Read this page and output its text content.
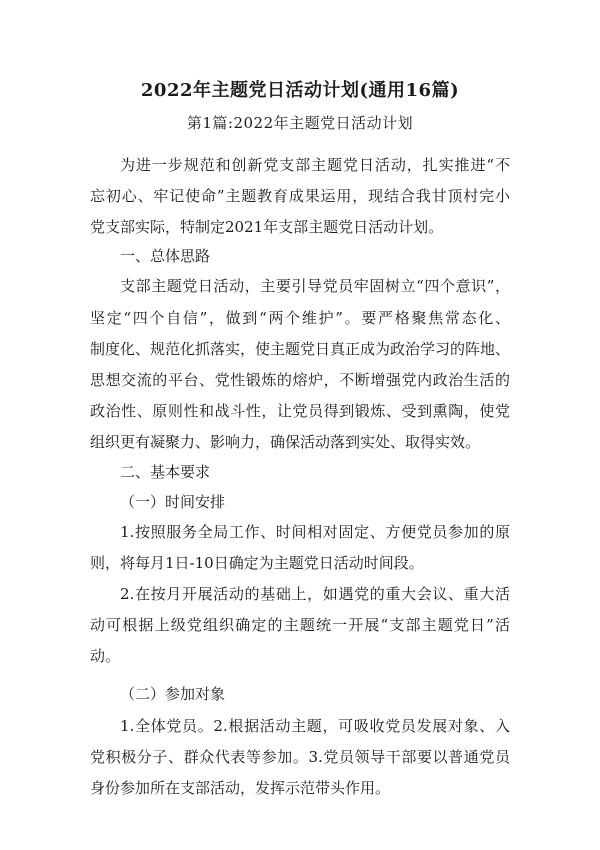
2022年主题党日活动计划(通用16篇)
第1篇:2022年主题党日活动计划
为进一步规范和创新党支部主题党日活动，扎实推进“不
忘初心、牢记使命”主题教育成果运用，现结合我甘顶村完小
党支部实际，特制定2021年支部主题党日活动计划。
一、总体思路
支部主题党日活动，主要引导党员牢固树立“四个意识”，
坚定“四个自信”，做到“两个维护”。要严格聚焦常态化、
制度化、规范化抓落实，使主题党日真正成为政治学习的阵地、
思想交流的平台、党性锻炼的熔炉，不断增强党内政治生活的
政治性、原则性和战斗性，让党员得到锻炼、受到熏陶，使党
组织更有凝聚力、影响力，确保活动落到实处、取得实效。
二、基本要求
（一）时间安排
1.按照服务全局工作、时间相对固定、方便党员参加的原
则，将每月1日-10日确定为主题党日活动时间段。
2.在按月开展活动的基础上，如遇党的重大会议、重大活
动可根据上级党组织确定的主题统一开展“支部主题党日”活
动。
（二）参加对象
1.全体党员。2.根据活动主题，可吸收党员发展对象、入
党积极分子、群众代表等参加。3.党员领导干部要以普通党员
身份参加所在支部活动，发挥示范带头作用。
